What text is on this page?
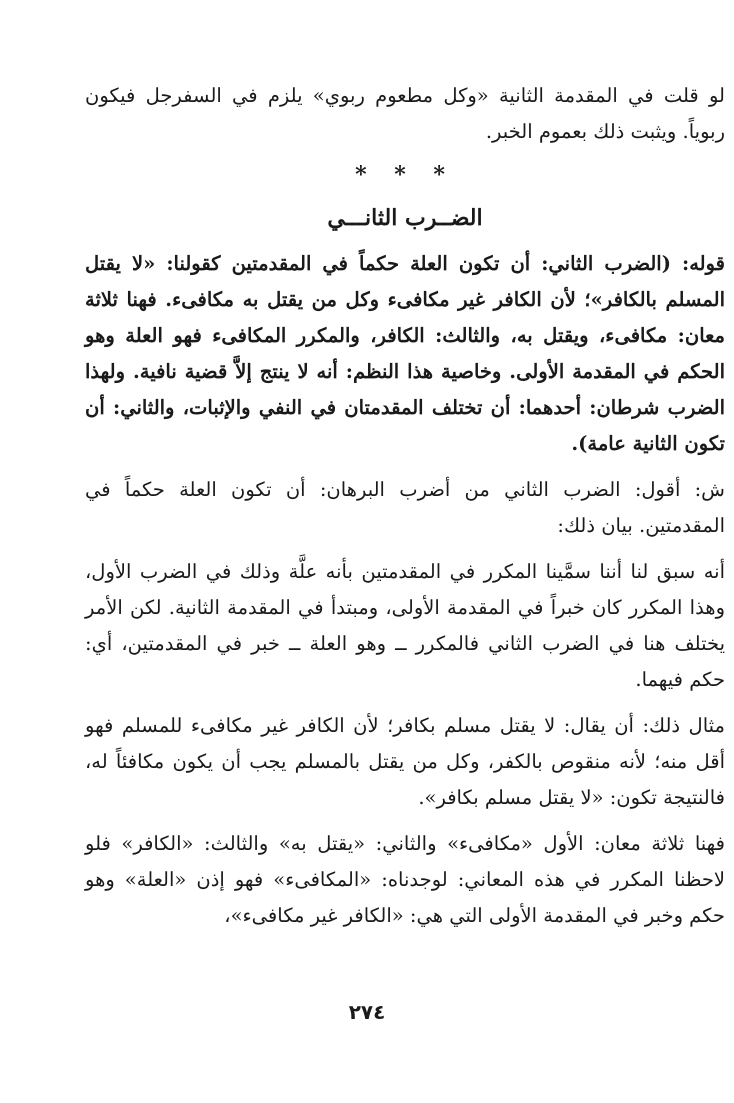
لو قلت في المقدمة الثانية «وكل مطعوم ربوي» يلزم في السفرجل فيكون ربوياً. ويثبت ذلك بعموم الخبر.

* * *
الضــرب الثانـــي

قوله: (الضرب الثاني: أن تكون العلة حكماً في المقدمتين كقولنا: «لا يقتل المسلم بالكافر»؛ لأن الكافر غير مكافىء وكل من يقتل به مكافىء. فهنا ثلاثة معان: مكافىء، ويقتل به، والثالث: الكافر، والمكرر المكافىء فهو العلة وهو الحكم في المقدمة الأولى. وخاصية هذا النظم: أنه لا ينتج إلاَّ قضية نافية. ولهذا الضرب شرطان: أحدهما: أن تختلف المقدمتان في النفي والإثبات، والثاني: أن تكون الثانية عامة).

ش: أقول: الضرب الثاني من أضرب البرهان: أن تكون العلة حكماً في المقدمتين. بيان ذلك:

أنه سبق لنا أننا سمَّينا المكرر في المقدمتين بأنه علَّة وذلك في الضرب الأول، وهذا المكرر كان خبراً في المقدمة الأولى، ومبتدأ في المقدمة الثانية. لكن الأمر يختلف هنا في الضرب الثاني فالمكرر ــ وهو العلة ــ خبر في المقدمتين، أي: حكم فيهما.

مثال ذلك: أن يقال: لا يقتل مسلم بكافر؛ لأن الكافر غير مكافىء للمسلم فهو أقل منه؛ لأنه منقوص بالكفر، وكل من يقتل بالمسلم يجب أن يكون مكافئاً له، فالنتيجة تكون: «لا يقتل مسلم بكافر».

فهنا ثلاثة معان: الأول «مكافىء» والثاني: «يقتل به» والثالث: «الكافر» فلو لاحظنا المكرر في هذه المعاني: لوجدناه: «المكافىء» فهو إذن «العلة» وهو حكم وخبر في المقدمة الأولى التي هي: «الكافر غير مكافىء»،

٢٧٤
